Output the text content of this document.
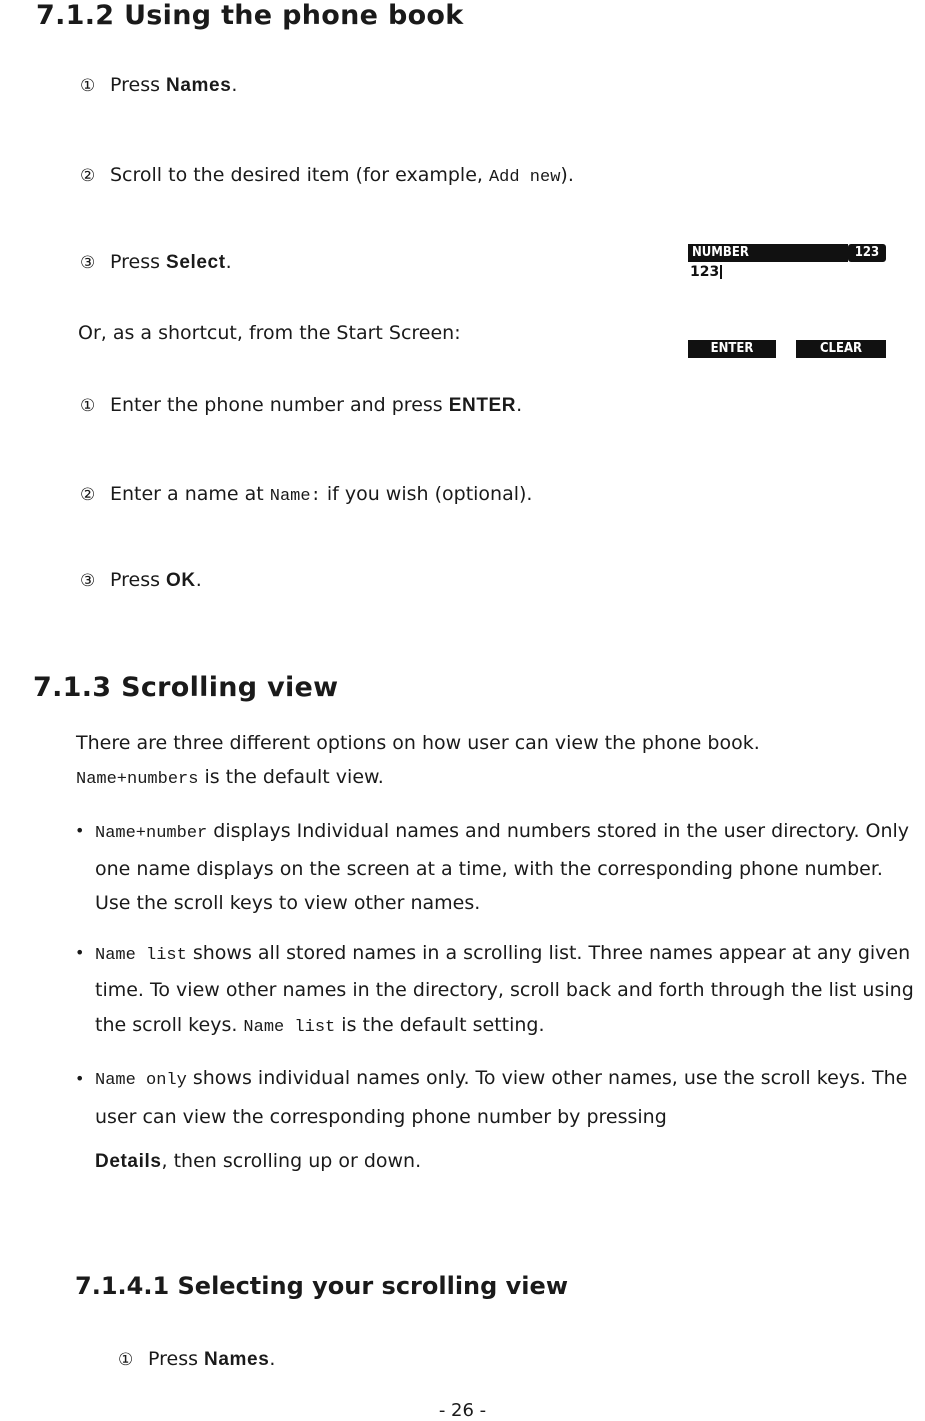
7.1.2 Using the phone book
① Press Names.
② Scroll to the desired item (for example, Add new).
③ Press Select.
Or, as a shortcut, from the Start Screen:
NUMBER	123
123
ENTER	CLEAR
① Enter the phone number and press ENTER.
② Enter a name at Name: if you wish (optional).
③ Press OK.
7.1.3 Scrolling view
There are three different options on how user can view the phone book.
Name+numbers is the default view.
• Name+number displays Individual names and numbers stored in the user directory. Only one name displays on the screen at a time, with the corresponding phone number. Use the scroll keys to view other names.
• Name list shows all stored names in a scrolling list. Three names appear at any given time. To view other names in the directory, scroll back and forth through the list using the scroll keys. Name list is the default setting.
• Name only shows individual names only. To view other names, use the scroll keys. The user can view the corresponding phone number by pressing
Details, then scrolling up or down.
7.1.4.1 Selecting your scrolling view
① Press Names.
- 26 -
